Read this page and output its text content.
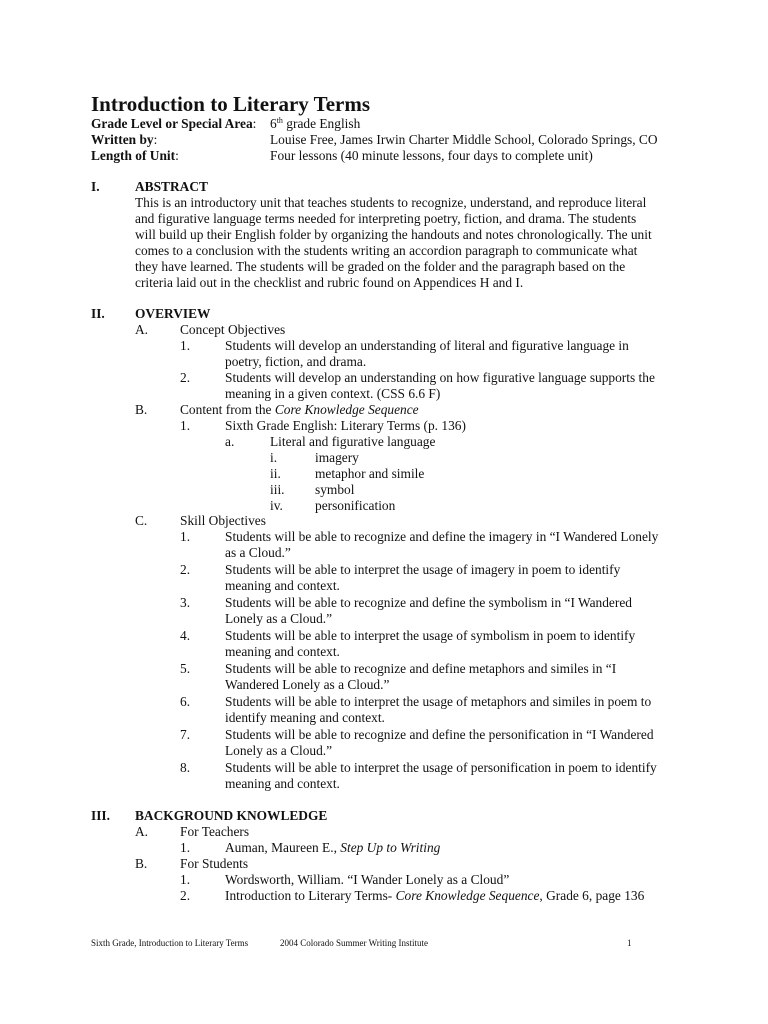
Introduction to Literary Terms
Grade Level or Special Area: 6th grade English
Written by:	Louise Free, James Irwin Charter Middle School, Colorado Springs, CO
Length of Unit:	Four lessons (40 minute lessons, four days to complete unit)
I.	ABSTRACT
This is an introductory unit that teaches students to recognize, understand, and reproduce literal
and figurative language terms needed for interpreting poetry, fiction, and drama. The students
will build up their English folder by organizing the handouts and notes chronologically. The unit
comes to a conclusion with the students writing an accordion paragraph to communicate what
they have learned. The students will be graded on the folder and the paragraph based on the
criteria laid out in the checklist and rubric found on Appendices H and I.
II. OVERVIEW
A. Concept Objectives
1.	Students will develop an understanding of literal and figurative language in
poetry, fiction, and drama.
2.	Students will develop an understanding on how figurative language supports the
meaning in a given context. (CSS 6.6 F)
B. Content from the Core Knowledge Sequence
1.	Sixth Grade English: Literary Terms (p. 136)
a.	Literal and figurative language
i.	imagery
ii.	metaphor and simile
iii. symbol
iv. personification
C. Skill Objectives
1.	Students will be able to recognize and define the imagery in “I Wandered Lonely
as a Cloud.”
2.	Students will be able to interpret the usage of imagery in poem to identify
meaning and context.
3.	Students will be able to recognize and define the symbolism in “I Wandered
Lonely as a Cloud.”
4.	Students will be able to interpret the usage of symbolism in poem to identify
meaning and context.
5.	Students will be able to recognize and define metaphors and similes in “I
Wandered Lonely as a Cloud.”
6.	Students will be able to interpret the usage of metaphors and similes in poem to
identify meaning and context.
7.	Students will be able to recognize and define the personification in “I Wandered
Lonely as a Cloud.”
8.	Students will be able to interpret the usage of personification in poem to identify
meaning and context.
III. BACKGROUND KNOWLEDGE
A. For Teachers
1.	Auman, Maureen E., Step Up to Writing
B. For Students
1.	Wordsworth, William. “I Wander Lonely as a Cloud”
2.	Introduction to Literary Terms- Core Knowledge Sequence, Grade 6, page 136
Sixth Grade, Introduction to Literary Terms	2004 Colorado Summer Writing Institute	1
